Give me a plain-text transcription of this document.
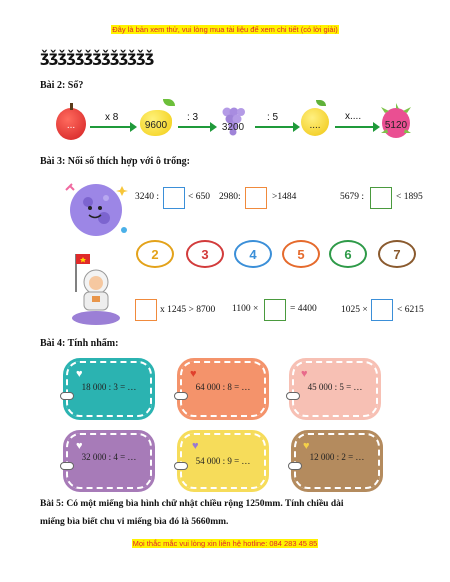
Đây là bản xem thử, vui lòng mua tài liệu để xem chi tiết (có lời giải)
ǯǯǯǯǯǯǯǯǯǯǯǯǯ
Bài 2: Số?
...
x 8
9600
: 3
3200
: 5
....
x....
5120
Bài 3: Nối số thích hợp với ô trống:
3240 :	< 650 2980:	>1484	5679 :	< 1895
2	3	4	5	6	7
x 1245 > 8700 1100 ×	= 4400	1025 ×	< 6215
Bài 4: Tính nhẩm:
♥
18 000 : 3 = …
♥
64 000 : 8 = …
♥
45 000 : 5 = …
♥
32 000 : 4 = …
♥
54 000 : 9 = …
♥
12 000 : 2 = …
Bài 5: Có một miếng bìa hình chữ nhật chiều rộng 1250mm. Tính chiều dài
miếng bìa biết chu vi miếng bìa đó là 5660mm.
Mọi thắc mắc vui lòng xin liên hệ hotline: 084 283 45 85
